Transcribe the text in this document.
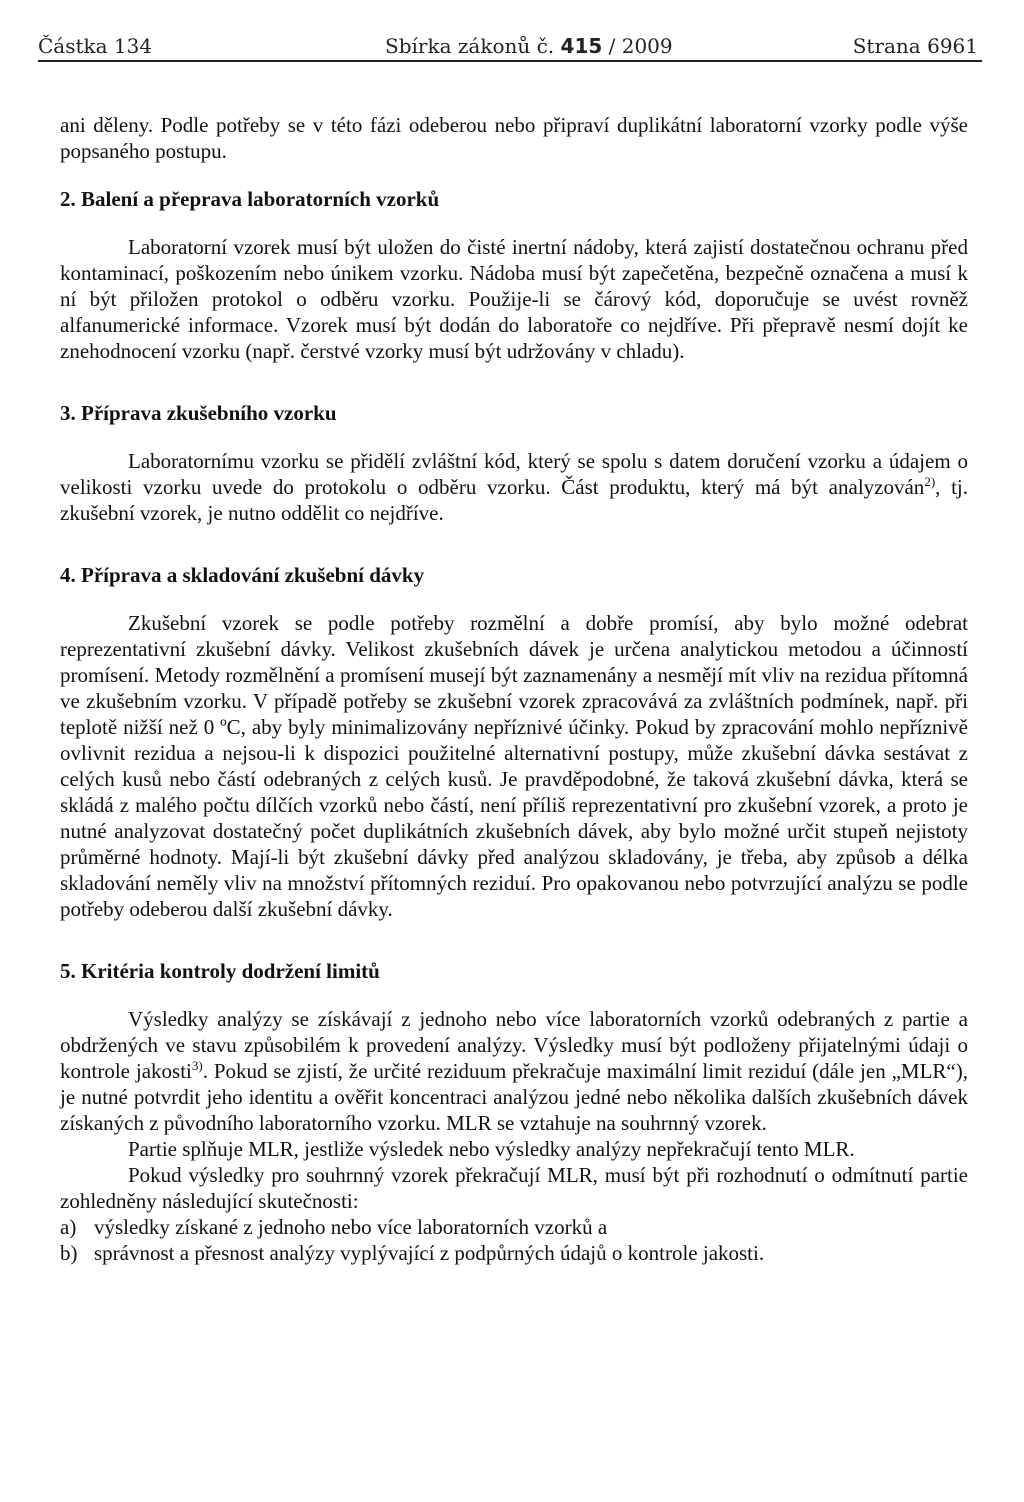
Částka 134	Sbírka zákonů č. 415 / 2009	Strana 6961

ani děleny. Podle potřeby se v této fázi odeberou nebo připraví duplikátní laboratorní vzorky podle výše popsaného postupu.

2. Balení a přeprava laboratorních vzorků

Laboratorní vzorek musí být uložen do čisté inertní nádoby, která zajistí dostatečnou ochranu před kontaminací, poškozením nebo únikem vzorku. Nádoba musí být zapečetěna, bezpečně označena a musí k ní být přiložen protokol o odběru vzorku. Použije-li se čárový kód, doporučuje se uvést rovněž alfanumerické informace. Vzorek musí být dodán do laboratoře co nejdříve. Při přepravě nesmí dojít ke znehodnocení vzorku (např. čerstvé vzorky musí být udržovány v chladu).

3. Příprava zkušebního vzorku

Laboratornímu vzorku se přidělí zvláštní kód, který se spolu s datem doručení vzorku a údajem o velikosti vzorku uvede do protokolu o odběru vzorku. Část produktu, který má být analyzován$^{2)}$, tj. zkušební vzorek, je nutno oddělit co nejdříve.

4. Příprava a skladování zkušební dávky

Zkušební vzorek se podle potřeby rozmělní a dobře promísí, aby bylo možné odebrat reprezentativní zkušební dávky. Velikost zkušebních dávek je určena analytickou metodou a účinností promísení. Metody rozmělnění a promísení musejí být zaznamenány a nesmějí mít vliv na rezidua přítomná ve zkušebním vzorku. V případě potřeby se zkušební vzorek zpracovává za zvláštních podmínek, např. při teplotě nižší než 0 ºC, aby byly minimalizovány nepříznivé účinky. Pokud by zpracování mohlo nepříznivě ovlivnit rezidua a nejsou-li k dispozici použitelné alternativní postupy, může zkušební dávka sestávat z celých kusů nebo částí odebraných z celých kusů. Je pravděpodobné, že taková zkušební dávka, která se skládá z malého počtu dílčích vzorků nebo částí, není příliš reprezentativní pro zkušební vzorek, a proto je nutné analyzovat dostatečný počet duplikátních zkušebních dávek, aby bylo možné určit stupeň nejistoty průměrné hodnoty. Mají-li být zkušební dávky před analýzou skladovány, je třeba, aby způsob a délka skladování neměly vliv na množství přítomných reziduí. Pro opakovanou nebo potvrzující analýzu se podle potřeby odeberou další zkušební dávky.

5. Kritéria kontroly dodržení limitů

Výsledky analýzy se získávají z jednoho nebo více laboratorních vzorků odebraných z partie a obdržených ve stavu způsobilém k provedení analýzy. Výsledky musí být podloženy přijatelnými údaji o kontrole jakosti$^{3)}$. Pokud se zjistí, že určité reziduum překračuje maximální limit reziduí (dále jen „MLR“), je nutné potvrdit jeho identitu a ověřit koncentraci analýzou jedné nebo několika dalších zkušebních dávek získaných z původního laboratorního vzorku. MLR se vztahuje na souhrnný vzorek.

Partie splňuje MLR, jestliže výsledek nebo výsledky analýzy nepřekračují tento MLR.

Pokud výsledky pro souhrnný vzorek překračují MLR, musí být při rozhodnutí o odmítnutí partie zohledněny následující skutečnosti:

a) výsledky získané z jednoho nebo více laboratorních vzorků a
b) správnost a přesnost analýzy vyplývající z podpůrných údajů o kontrole jakosti.
